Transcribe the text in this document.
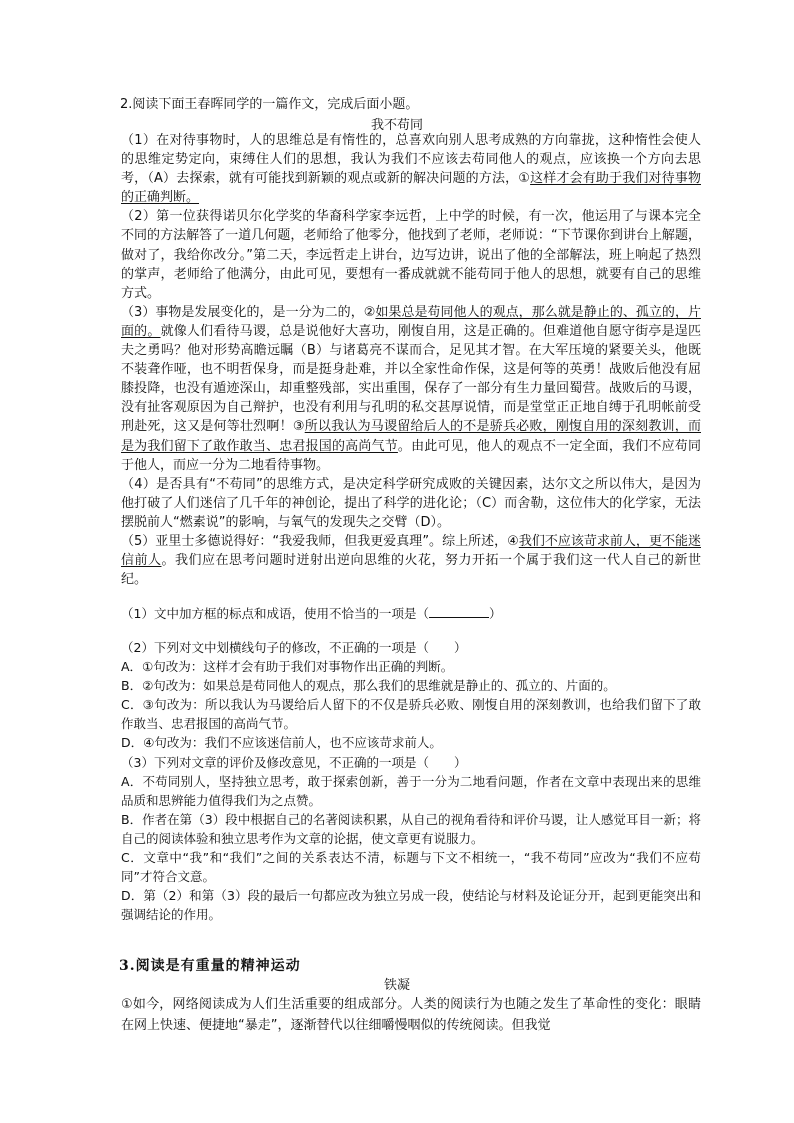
2.阅读下面王春晖同学的一篇作文，完成后面小题。
我不苟同

（1）在对待事物时，人的思维总是有惰性的，总喜欢向别人思考成熟的方向靠拢，这种惰性会使人的思维定势定向，束缚住人们的思想，我认为我们不应该去苟同他人的观点，应该换一个方向去思考，（A）去探索，就有可能找到新颖的观点或新的解决问题的方法，①这样才会有助于我们对待事物的正确判断。

（2）第一位获得诺贝尔化学奖的华裔科学家李远哲，上中学的时候，有一次，他运用了与课本完全不同的方法解答了一道几何题，老师给了他零分，他找到了老师，老师说：“下节课你到讲台上解题，做对了，我给你改分。”第二天，李远哲走上讲台，边写边讲，说出了他的全部解法，班上响起了热烈的掌声，老师给了他满分，由此可见，要想有一番成就就不能苟同于他人的思想，就要有自己的思维方式。

（3）事物是发展变化的，是一分为二的，②如果总是苟同他人的观点，那么就是静止的、孤立的，片面的。就像人们看待马谡，总是说他好大喜功，刚愎自用，这是正确的。但难道他自愿守街亭是逞匹夫之勇吗？他对形势高瞻远瞩（B）与诸葛亮不谋而合，足见其才智。在大军压境的紧要关头，他既不装聋作哑，也不明哲保身，而是挺身赴难，并以全家性命作保，这是何等的英勇！战败后他没有屈膝投降，也没有遁迹深山，却重整残部，实出重围，保存了一部分有生力量回蜀营。战败后的马谡，没有扯客观原因为自己辩护，也没有利用与孔明的私交甚厚说情，而是堂堂正正地自缚于孔明帐前受刑赴死，这又是何等壮烈啊！③所以我认为马谡留给后人的不是骄兵必败，刚愎自用的深刻教训，而是为我们留下了敢作敢当、忠君报国的高尚气节。由此可见，他人的观点不一定全面，我们不应苟同于他人，而应一分为二地看待事物。

（4）是否具有“不苟同”的思维方式，是决定科学研究成败的关键因素，达尔文之所以伟大，是因为他打破了人们迷信了几千年的神创论，提出了科学的进化论；（C）而舍勒，这位伟大的化学家，无法摆脱前人“燃素说”的影响，与氧气的发现失之交臂（D）。

（5）亚里士多德说得好：“我爱我师，但我更爱真理”。综上所述，④我们不应该苛求前人，更不能迷信前人。我们应在思考问题时迸射出逆向思维的火花，努力开拓一个属于我们这一代人自己的新世纪。

（1）文中加方框的标点和成语，使用不恰当的一项是（	）

（2）下列对文中划横线句子的修改，不正确的一项是（　　）

A．①句改为：这样才会有助于我们对事物作出正确的判断。

B．②句改为：如果总是苟同他人的观点，那么我们的思维就是静止的、孤立的、片面的。

C．③句改为：所以我认为马谡给后人留下的不仅是骄兵必败、刚愎自用的深刻教训，也给我们留下了敢作敢当、忠君报国的高尚气节。

D．④句改为：我们不应该迷信前人，也不应该苛求前人。

（3）下列对文章的评价及修改意见，不正确的一项是（　　）

A．不苟同别人，坚持独立思考，敢于探索创新，善于一分为二地看问题，作者在文章中表现出来的思维品质和思辨能力值得我们为之点赞。

B．作者在第（3）段中根据自己的名著阅读积累，从自己的视角看待和评价马谡，让人感觉耳目一新；将自己的阅读体验和独立思考作为文章的论据，使文章更有说服力。

C．文章中“我”和“我们”之间的关系表达不清，标题与下文不相统一，“我不苟同”应改为“我们不应苟同”才符合文意。

D．第（2）和第（3）段的最后一句都应改为独立另成一段，使结论与材料及论证分开，起到更能突出和强调结论的作用。

3.阅读是有重量的精神运动
铁凝

①如今，网络阅读成为人们生活重要的组成部分。人类的阅读行为也随之发生了革命性的变化：眼睛在网上快速、便捷地“暴走”，逐渐替代以往细嚼慢咽似的传统阅读。但我觉
